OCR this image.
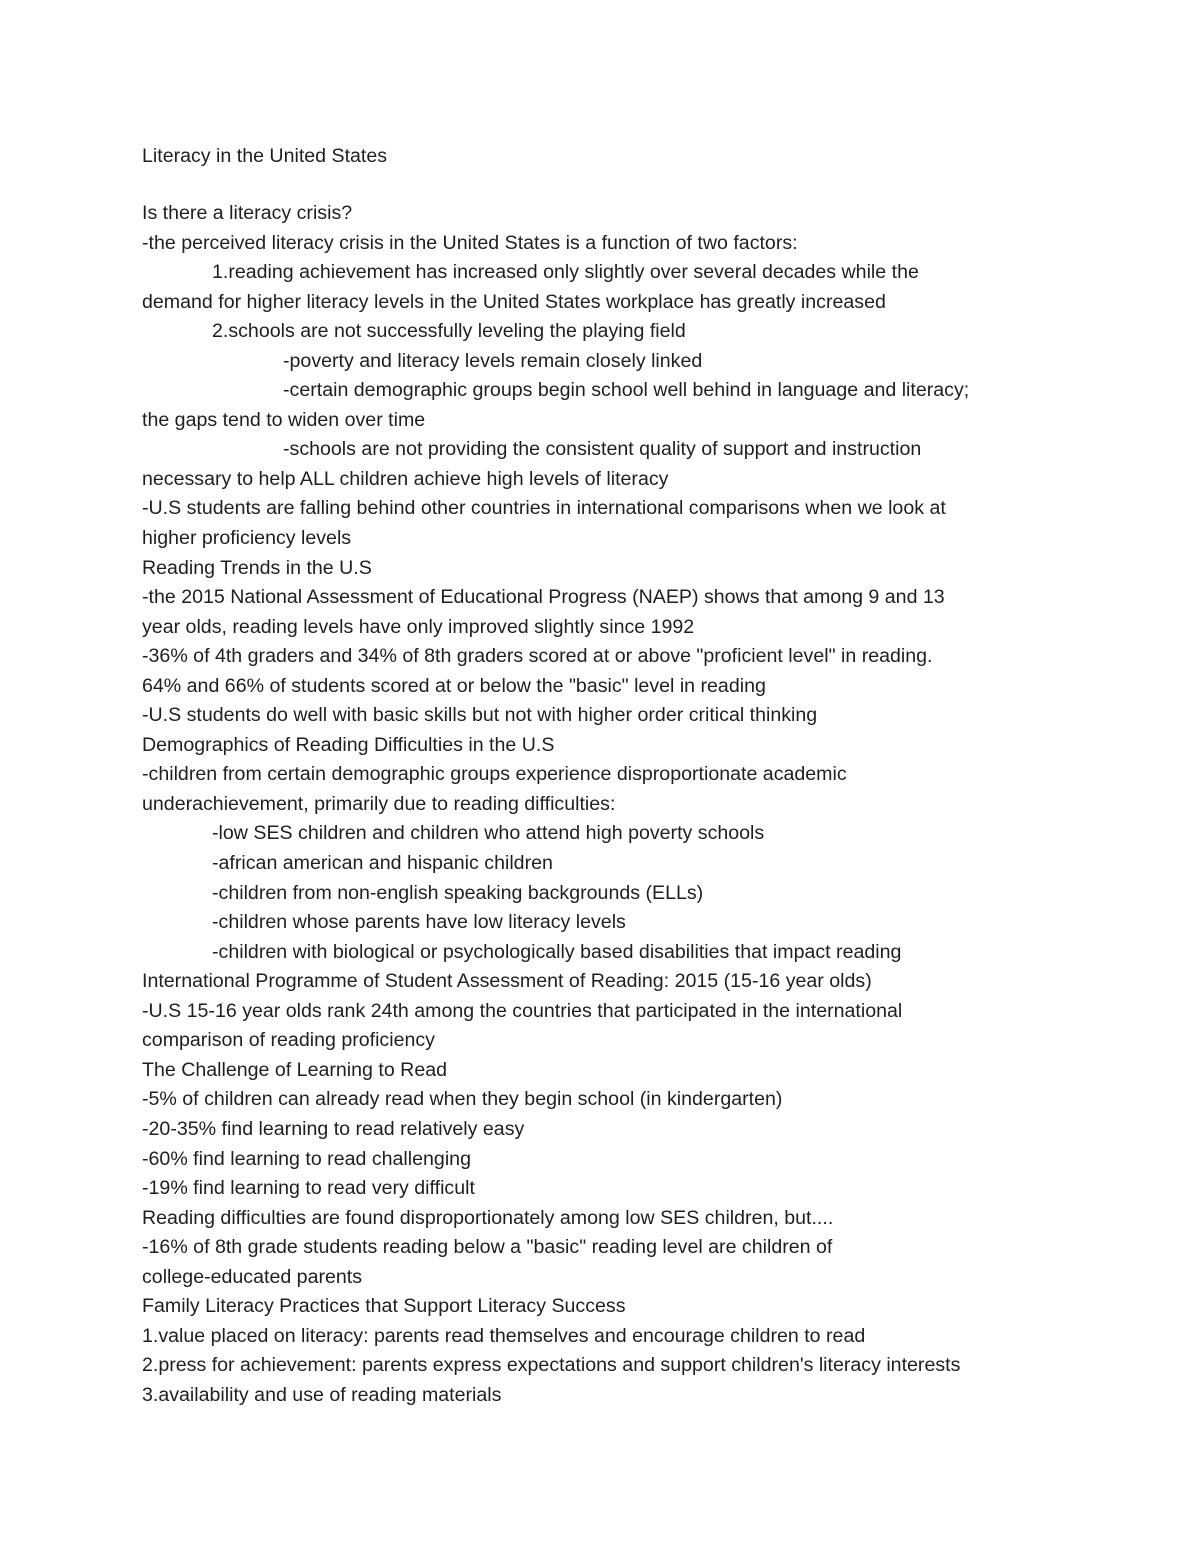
Literacy in the United States
Is there a literacy crisis?
-the perceived literacy crisis in the United States is a function of two factors:
1.reading achievement has increased only slightly over several decades while the
demand for higher literacy levels in the United States workplace has greatly increased
2.schools are not successfully leveling the playing field
-poverty and literacy levels remain closely linked
-certain demographic groups begin school well behind in language and literacy;
the gaps tend to widen over time
-schools are not providing the consistent quality of support and instruction
necessary to help ALL children achieve high levels of literacy
-U.S students are falling behind other countries in international comparisons when we look at
higher proficiency levels
Reading Trends in the U.S
-the 2015 National Assessment of Educational Progress (NAEP) shows that among 9 and 13
year olds, reading levels have only improved slightly since 1992
-36% of 4th graders and 34% of 8th graders scored at or above "proficient level" in reading.
64% and 66% of students scored at or below the "basic" level in reading
-U.S students do well with basic skills but not with higher order critical thinking
Demographics of Reading Difficulties in the U.S
-children from certain demographic groups experience disproportionate academic
underachievement, primarily due to reading difficulties:
-low SES children and children who attend high poverty schools
-african american and hispanic children
-children from non-english speaking backgrounds (ELLs)
-children whose parents have low literacy levels
-children with biological or psychologically based disabilities that impact reading
International Programme of Student Assessment of Reading: 2015 (15-16 year olds)
-U.S 15-16 year olds rank 24th among the countries that participated in the international
comparison of reading proficiency
The Challenge of Learning to Read
-5% of children can already read when they begin school (in kindergarten)
-20-35% find learning to read relatively easy
-60% find learning to read challenging
-19% find learning to read very difficult
Reading difficulties are found disproportionately among low SES children, but....
-16% of 8th grade students reading below a "basic" reading level are children of
college-educated parents
Family Literacy Practices that Support Literacy Success
1.value placed on literacy: parents read themselves and encourage children to read
2.press for achievement: parents express expectations and support children's literacy interests
3.availability and use of reading materials
